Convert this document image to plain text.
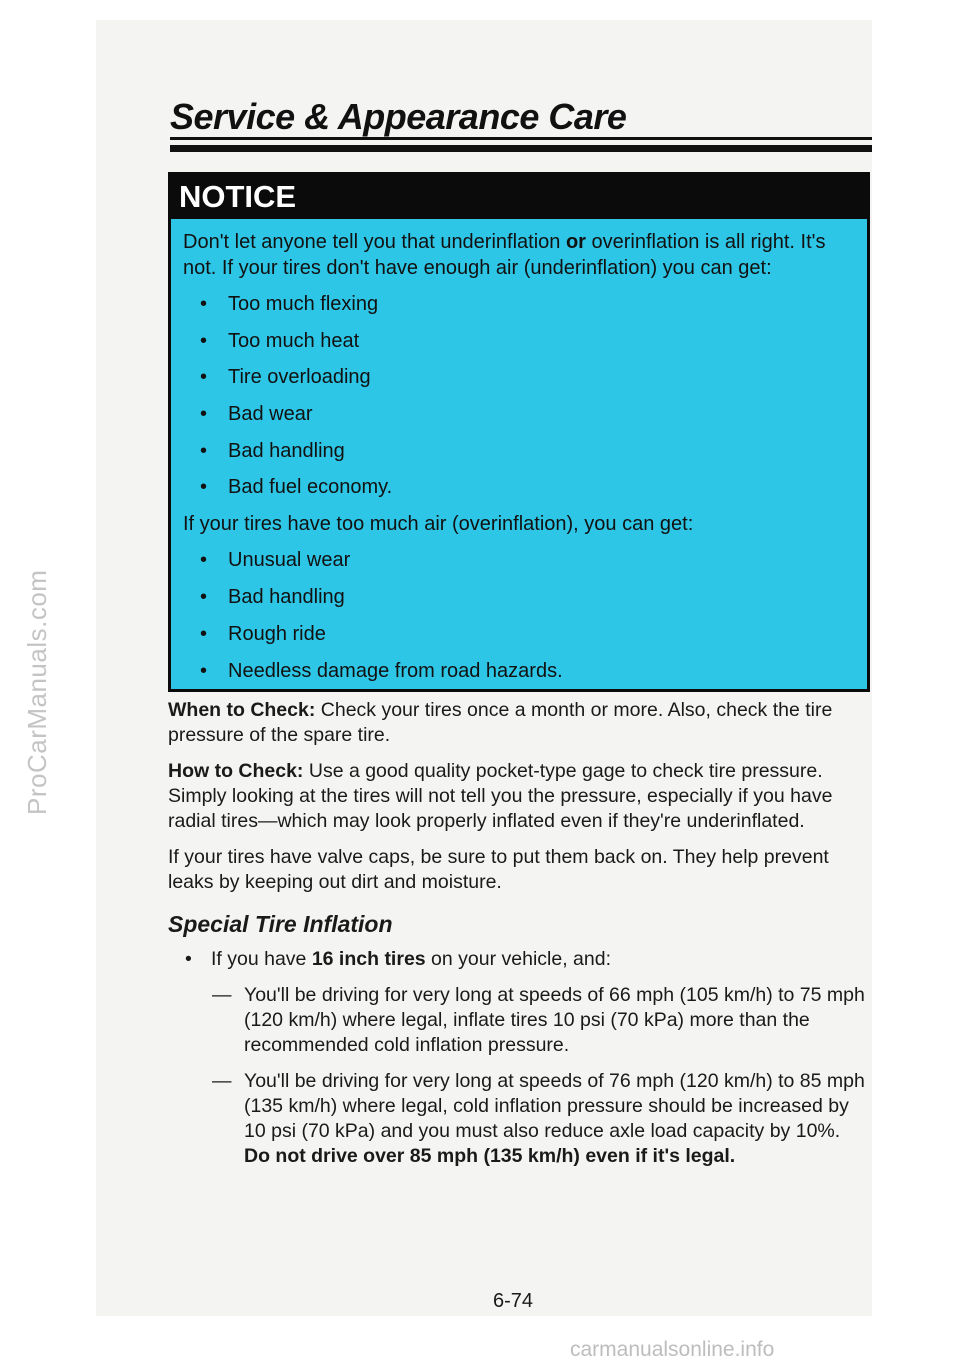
ProCarManuals.com
Service & Appearance Care
NOTICE

Don't let anyone tell you that underinflation or overinflation is all right. It's not. If your tires don't have enough air (underinflation) you can get:

• Too much flexing
• Too much heat
• Tire overloading
• Bad wear
• Bad handling
• Bad fuel economy.

If your tires have too much air (overinflation), you can get:

• Unusual wear
• Bad handling
• Rough ride
• Needless damage from road hazards.

When to Check: Check your tires once a month or more. Also, check the tire pressure of the spare tire.

How to Check: Use a good quality pocket-type gage to check tire pressure. Simply looking at the tires will not tell you the pressure, especially if you have radial tires—which may look properly inflated even if they're underinflated.

If your tires have valve caps, be sure to put them back on. They help prevent leaks by keeping out dirt and moisture.

Special Tire Inflation

• If you have 16 inch tires on your vehicle, and:

— You'll be driving for very long at speeds of 66 mph (105 km/h) to 75 mph (120 km/h) where legal, inflate tires 10 psi (70 kPa) more than the recommended cold inflation pressure.

— You'll be driving for very long at speeds of 76 mph (120 km/h) to 85 mph (135 km/h) where legal, cold inflation pressure should be increased by 10 psi (70 kPa) and you must also reduce axle load capacity by 10%. Do not drive over 85 mph (135 km/h) even if it's legal.

6-74
carmanualsonline.info
